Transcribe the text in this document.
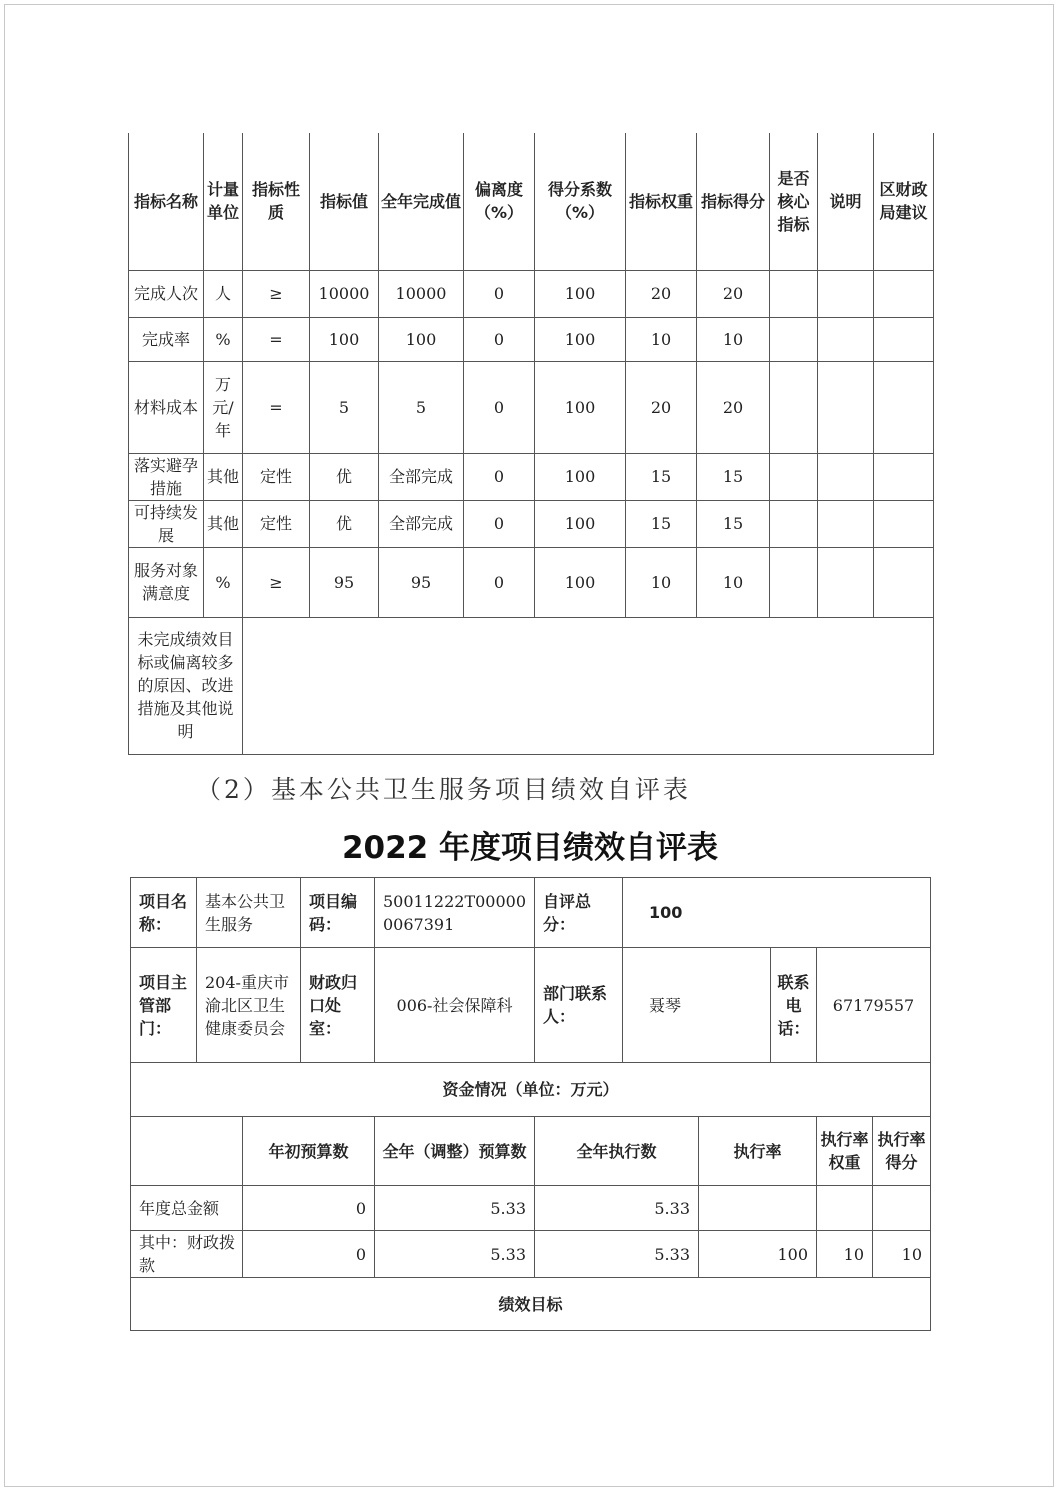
指标名称	计量单位	指标性质	指标值	全年完成值	偏离度（%）	得分系数（%）	指标权重	指标得分	是否核心指标	说明	区财政局建议
完成人次	人	≥	10000	10000	0	100	20	20			
完成率	%	=	100	100	0	100	10	10			
材料成本	万元/年	=	5	5	0	100	20	20			
落实避孕措施	其他	定性	优	全部完成	0	100	15	15			
可持续发展	其他	定性	优	全部完成	0	100	15	15			
服务对象满意度	%	≥	95	95	0	100	10	10			
未完成绩效目标或偏离较多的原因、改进措施及其他说明											
（2）基本公共卫生服务项目绩效自评表
2022 年度项目绩效自评表
项目名称：	基本公共卫生服务		项目编码：	50011222T000000067391	自评总分：	100				
项目主管部门：	204-重庆市渝北区卫生健康委员会		财政归口处室：	006-社会保障科	部门联系人：	聂琴		联系电话：	67179557	
资金情况（单位：万元）										
		年初预算数		全年（调整）预算数	全年执行数		执行率		执行率权重	执行率得分
年度总金额		0		5.33	5.33					
其中：财政拨款		0		5.33	5.33		100		10	10
绩效目标										
